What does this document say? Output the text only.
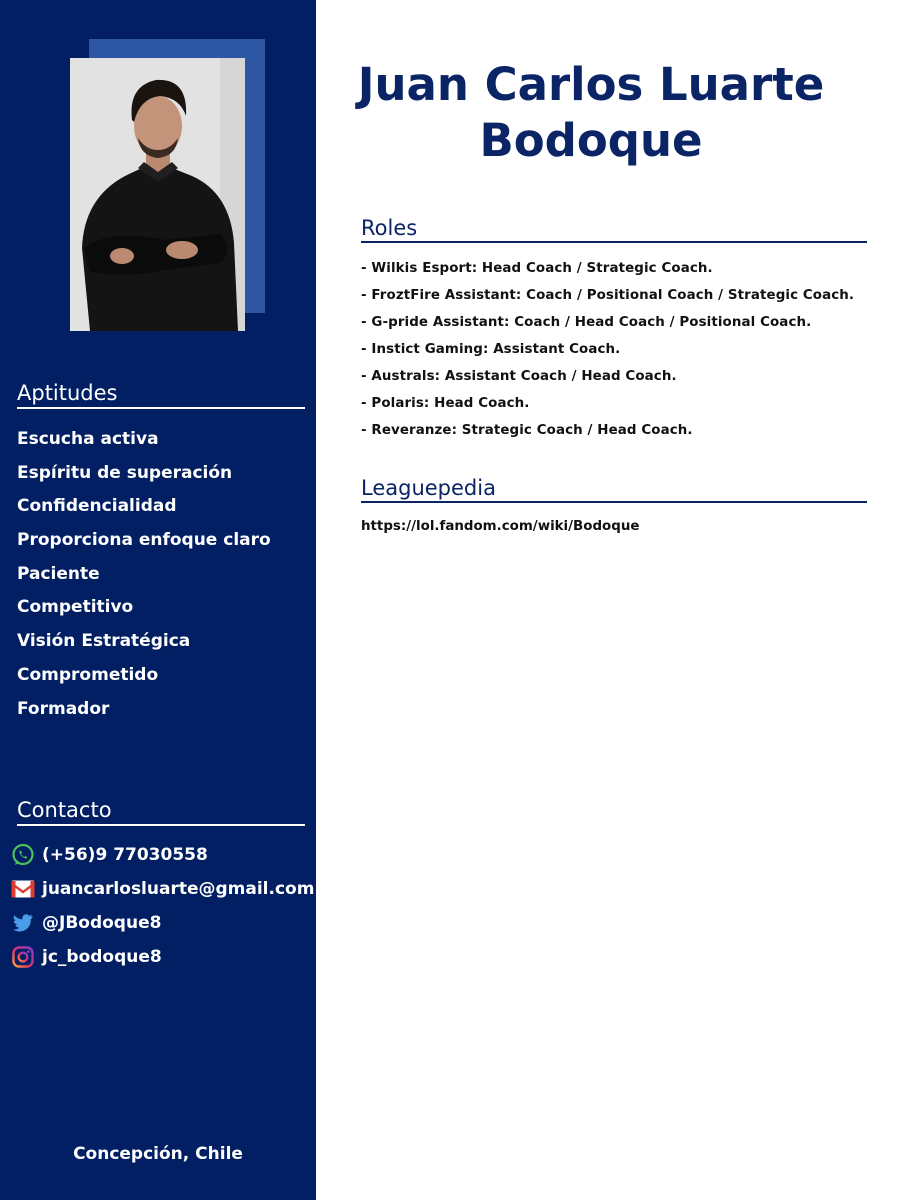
Aptitudes
Escucha activa
Espíritu de superación
Confidencialidad
Proporciona enfoque claro
Paciente
Competitivo
Visión Estratégica
Comprometido
Formador
Contacto
(+56)9 77030558
juancarlosluarte@gmail.com
@JBodoque8
jc_bodoque8
Concepción, Chile
Juan Carlos Luarte
Bodoque
Roles
- Wilkis Esport: Head Coach / Strategic Coach.
- FroztFire Assistant: Coach / Positional Coach / Strategic Coach.
- G-pride Assistant: Coach / Head Coach / Positional Coach.
- Instict Gaming: Assistant Coach.
- Australs: Assistant Coach / Head Coach.
- Polaris: Head Coach.
- Reveranze: Strategic Coach / Head Coach.
Leaguepedia
https://lol.fandom.com/wiki/Bodoque
